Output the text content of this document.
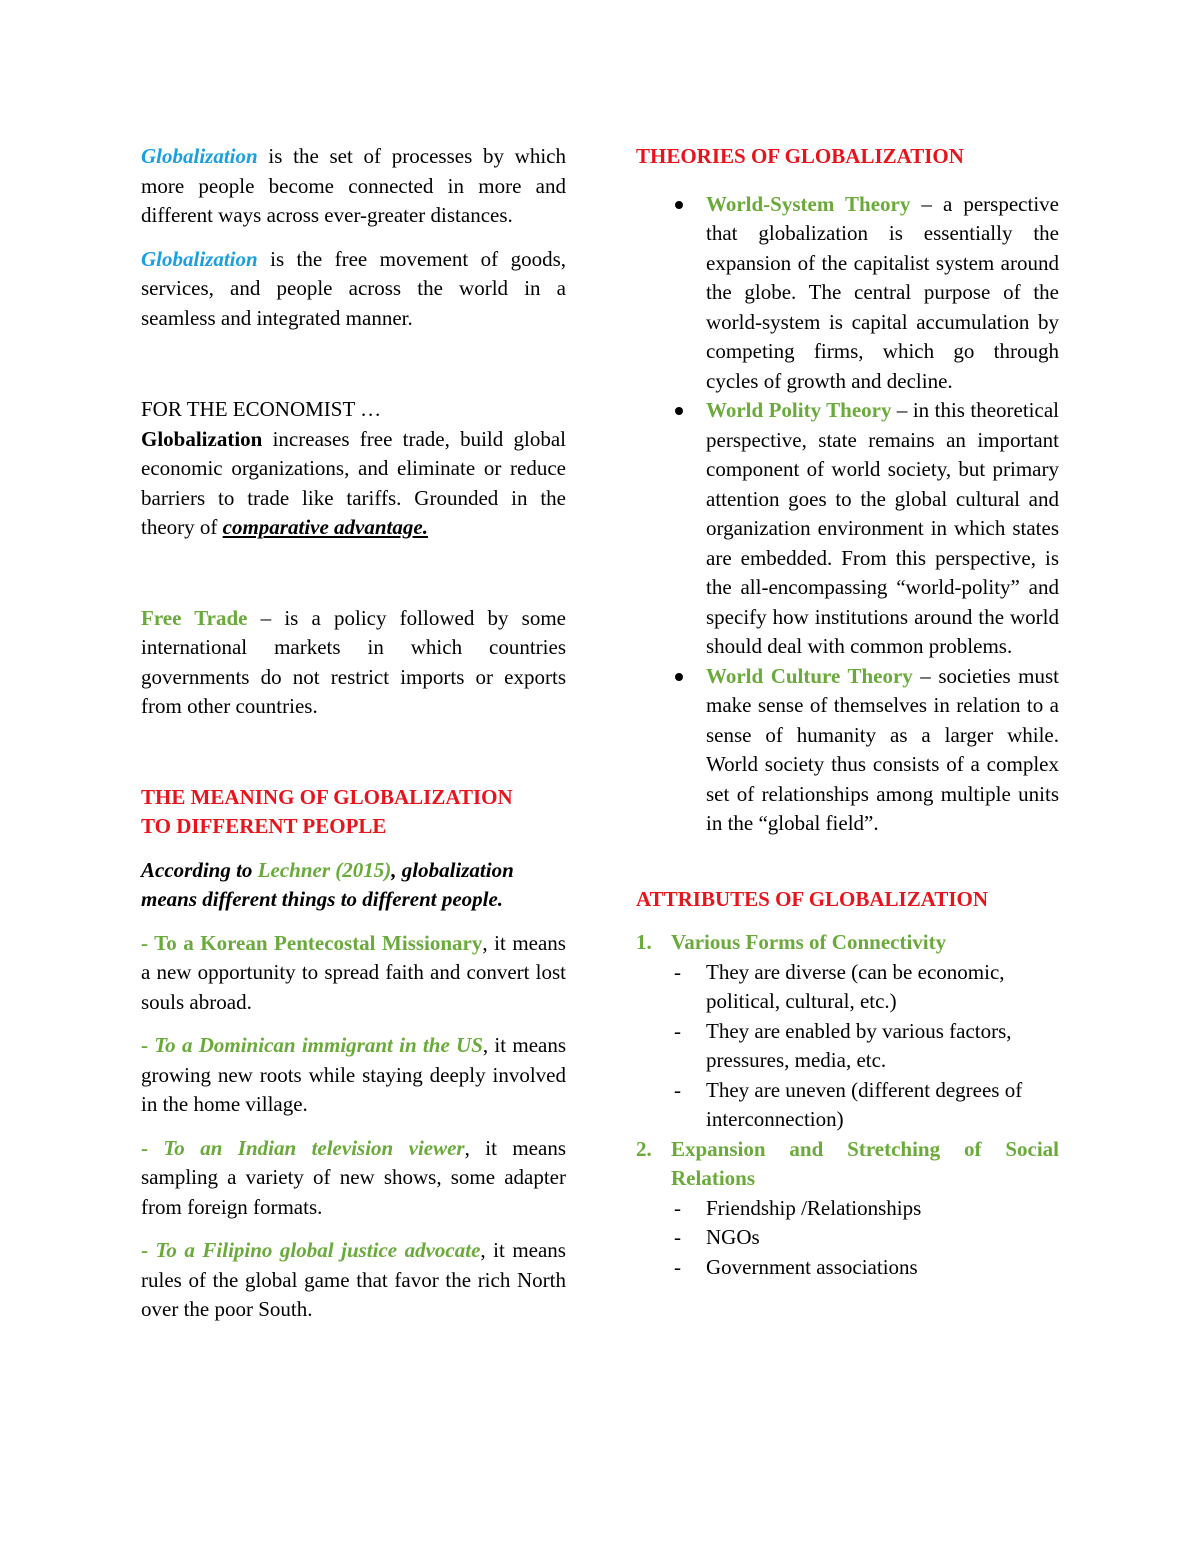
Globalization is the set of processes by which more people become connected in more and different ways across ever-greater distances.

Globalization is the free movement of goods, services, and people across the world in a seamless and integrated manner.

FOR THE ECONOMIST …

Globalization increases free trade, build global economic organizations, and eliminate or reduce barriers to trade like tariffs. Grounded in the theory of comparative advantage.

Free Trade – is a policy followed by some international markets in which countries governments do not restrict imports or exports from other countries.

THE MEANING OF GLOBALIZATION
TO DIFFERENT PEOPLE

According to Lechner (2015), globalization means different things to different people.

- To a Korean Pentecostal Missionary, it means a new opportunity to spread faith and convert lost souls abroad.

- To a Dominican immigrant in the US, it means growing new roots while staying deeply involved in the home village.

- To an Indian television viewer, it means sampling a variety of new shows, some adapter from foreign formats.

- To a Filipino global justice advocate, it means rules of the global game that favor the rich North over the poor South.

THEORIES OF GLOBALIZATION

World-System Theory – a perspective that globalization is essentially the expansion of the capitalist system around the globe. The central purpose of the world-system is capital accumulation by competing firms, which go through cycles of growth and decline.
World Polity Theory – in this theoretical perspective, state remains an important component of world society, but primary attention goes to the global cultural and organization environment in which states are embedded. From this perspective, is the all-encompassing “world-polity” and specify how institutions around the world should deal with common problems.
World Culture Theory – societies must make sense of themselves in relation to a sense of humanity as a larger while. World society thus consists of a complex set of relationships among multiple units in the “global field”.

ATTRIBUTES OF GLOBALIZATION

1. Various Forms of Connectivity
- They are diverse (can be economic, political, cultural, etc.)
- They are enabled by various factors, pressures, media, etc.
- They are uneven (different degrees of interconnection)
2. Expansion and Stretching of Social Relations
- Friendship /Relationships
- NGOs
- Government associations
